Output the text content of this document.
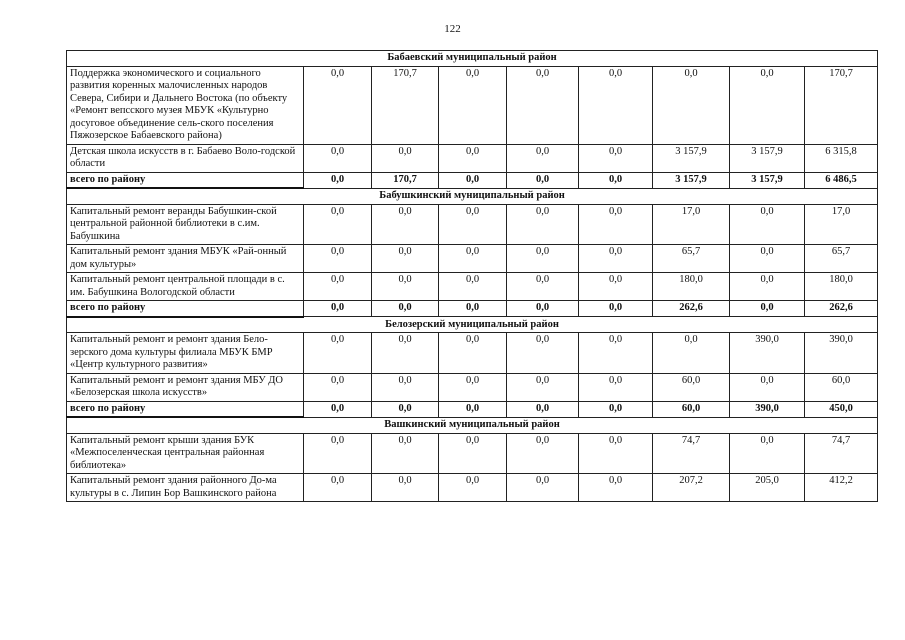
122
Бабаевский муниципальный район								
Поддержка экономического и социального развития коренных малочисленных народов Севера, Сибири и Дальнего Востока (по объекту «Ремонт вепсского музея МБУК «Культурно досуговое объединение сель-ского поселения Пяжозерское Бабаевского района)	0,0	170,7	0,0	0,0	0,0	0,0	0,0	170,7
Детская школа искусств в г. Бабаево Воло-годской области	0,0	0,0	0,0	0,0	0,0	3 157,9	3 157,9	6 315,8
всего по району	0,0	170,7	0,0	0,0	0,0	3 157,9	3 157,9	6 486,5
Бабушкинский муниципальный район								
Капитальный ремонт веранды Бабушкин-ской центральной районной библиотеки в с.им. Бабушкина	0,0	0,0	0,0	0,0	0,0	17,0	0,0	17,0
Капитальный ремонт здания МБУК «Рай-онный дом культуры»	0,0	0,0	0,0	0,0	0,0	65,7	0,0	65,7
Капитальный ремонт центральной площади в с. им. Бабушкина Вологодской области	0,0	0,0	0,0	0,0	0,0	180,0	0,0	180,0
всего по району	0,0	0,0	0,0	0,0	0,0	262,6	0,0	262,6
Белозерский муниципальный район								
Капитальный ремонт и ремонт здания Бело-зерского дома культуры филиала МБУК БМР «Центр культурного развития»	0,0	0,0	0,0	0,0	0,0	0,0	390,0	390,0
Капитальный ремонт и ремонт здания МБУ ДО «Белозерская школа искусств»	0,0	0,0	0,0	0,0	0,0	60,0	0,0	60,0
всего по району	0,0	0,0	0,0	0,0	0,0	60,0	390,0	450,0
Вашкинский муниципальный район								
Капитальный ремонт крыши здания БУК «Межпоселенческая центральная районная библиотека»	0,0	0,0	0,0	0,0	0,0	74,7	0,0	74,7
Капитальный ремонт здания районного До-ма культуры в с. Липин Бор Вашкинского района	0,0	0,0	0,0	0,0	0,0	207,2	205,0	412,2
